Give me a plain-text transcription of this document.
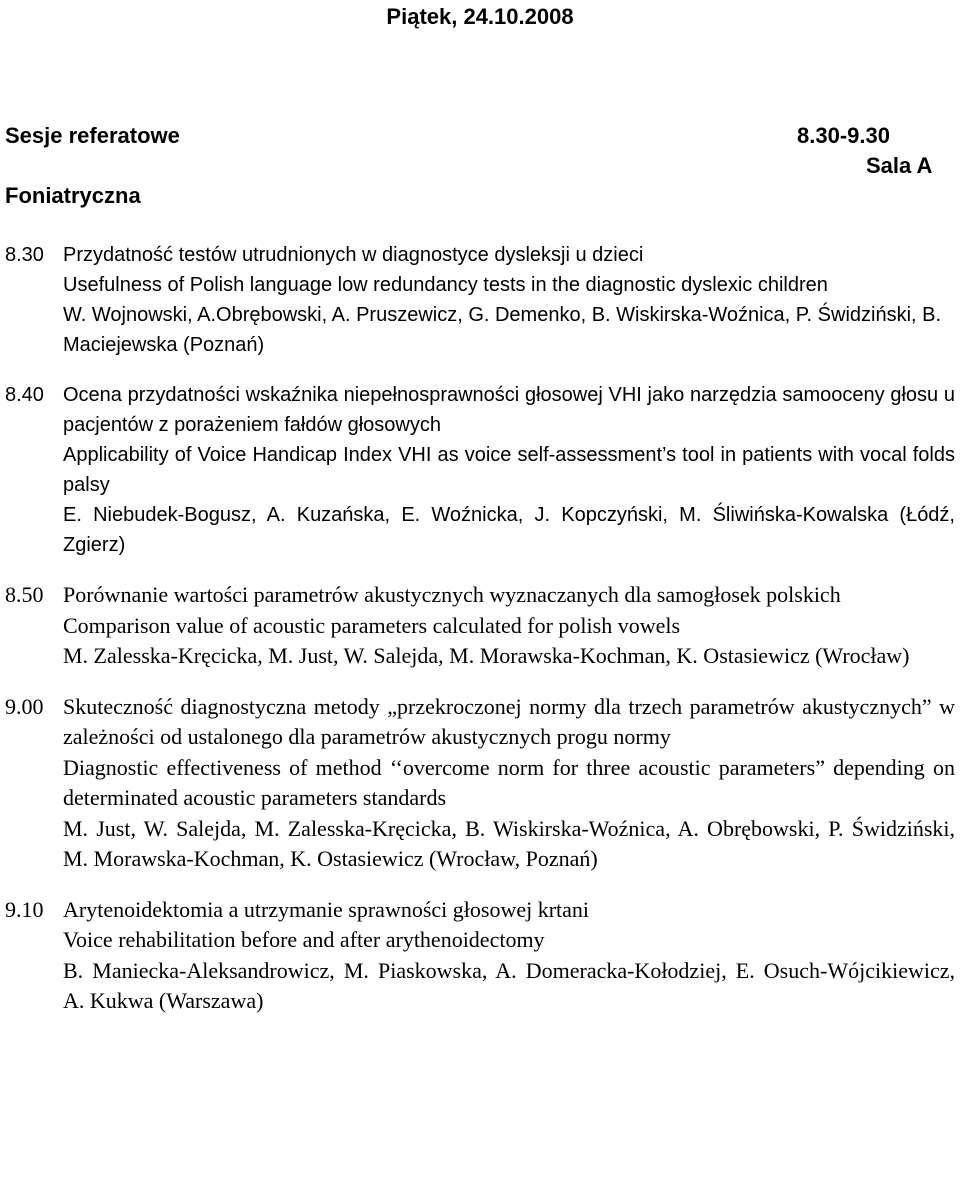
Piątek, 24.10.2008
Sesje referatowe	8.30-9.30
Sala A
Foniatryczna
8.30 Przydatność testów utrudnionych w diagnostyce dysleksji u dzieci
Usefulness of Polish language low redundancy tests in the diagnostic dyslexic children
W. Wojnowski, A.Obrębowski, A. Pruszewicz, G. Demenko, B. Wiskirska-Woźnica, P. Świdziński, B. Maciejewska (Poznań)
8.40 Ocena przydatności wskaźnika niepełnosprawności głosowej VHI jako narzędzia samooceny głosu u pacjentów z porażeniem fałdów głosowych
Applicability of Voice Handicap Index VHI as voice self-assessment’s tool in patients with vocal folds palsy
E. Niebudek-Bogusz, A. Kuzańska, E. Woźnicka, J. Kopczyński, M. Śliwińska-Kowalska (Łódź, Zgierz)
8.50 Porównanie wartości parametrów akustycznych wyznaczanych dla samogłosek polskich
Comparison value of acoustic parameters calculated for polish vowels
M. Zalesska-Kręcicka, M. Just, W. Salejda, M. Morawska-Kochman, K. Ostasiewicz (Wrocław)
9.00 Skuteczność diagnostyczna metody „przekroczonej normy dla trzech parametrów akustycznych” w zależności od ustalonego dla parametrów akustycznych progu normy
Diagnostic effectiveness of method ‘‘overcome norm for three acoustic parameters” depending on determinated acoustic parameters standards
M. Just, W. Salejda, M. Zalesska-Kręcicka, B. Wiskirska-Woźnica, A. Obrębowski, P. Świdziński, M. Morawska-Kochman, K. Ostasiewicz (Wrocław, Poznań)
9.10 Arytenoidektomia a utrzymanie sprawności głosowej krtani
Voice rehabilitation before and after arythenoidectomy
B. Maniecka-Aleksandrowicz, M. Piaskowska, A. Domeracka-Kołodziej, E. Osuch-Wójcikiewicz, A. Kukwa (Warszawa)
